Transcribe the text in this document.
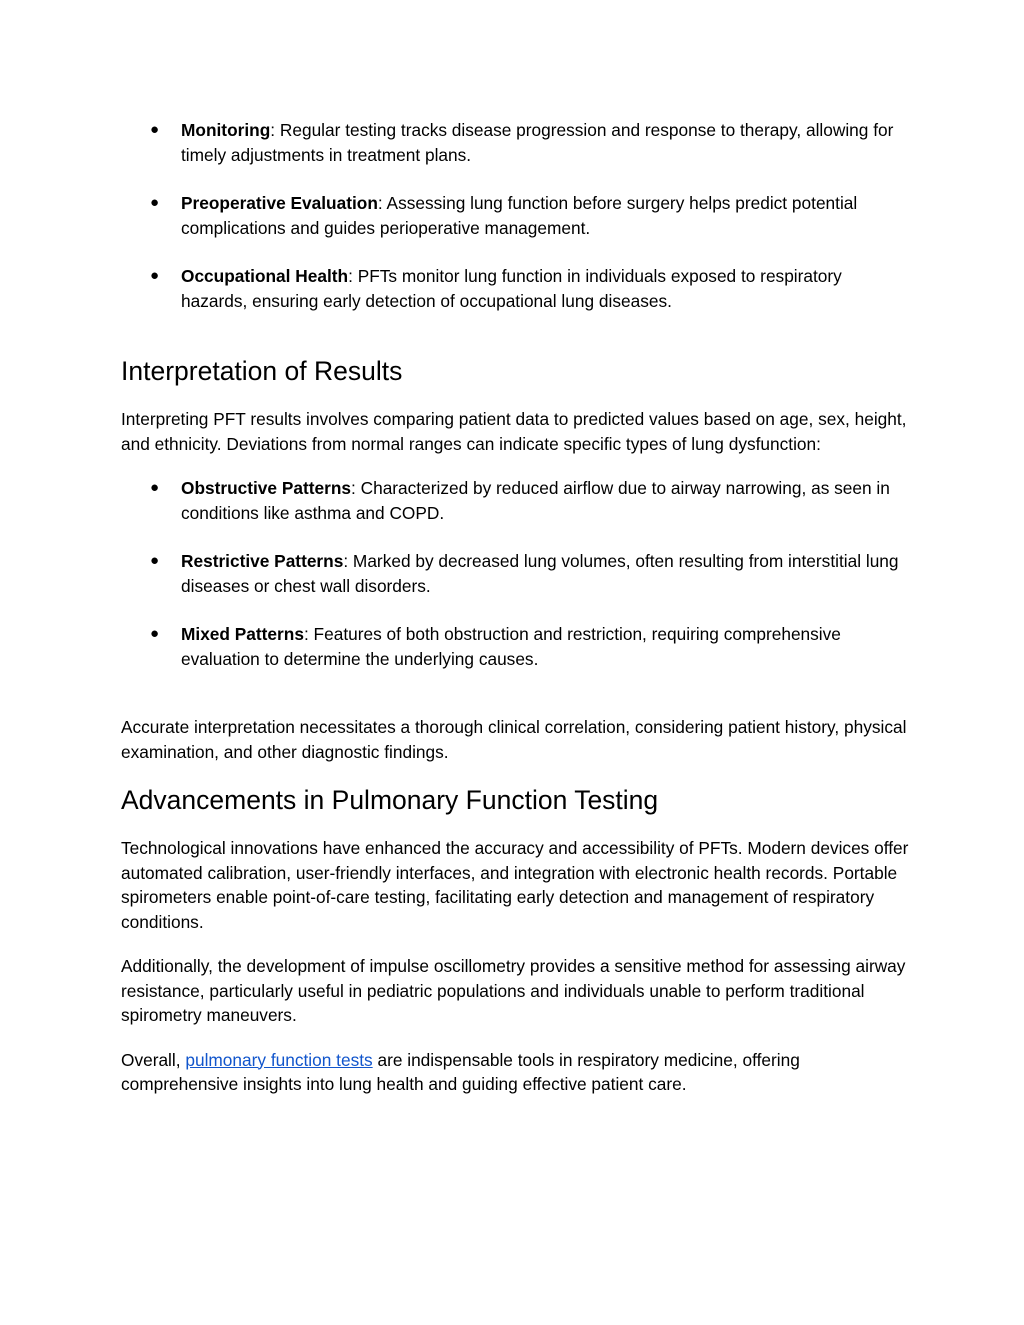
● Monitoring: Regular testing tracks disease progression and response to therapy, allowing for timely adjustments in treatment plans.
● Preoperative Evaluation: Assessing lung function before surgery helps predict potential complications and guides perioperative management.
● Occupational Health: PFTs monitor lung function in individuals exposed to respiratory hazards, ensuring early detection of occupational lung diseases.
Interpretation of Results

Interpreting PFT results involves comparing patient data to predicted values based on age, sex, height, and ethnicity. Deviations from normal ranges can indicate specific types of lung dysfunction:

● Obstructive Patterns: Characterized by reduced airflow due to airway narrowing, as seen in conditions like asthma and COPD.
● Restrictive Patterns: Marked by decreased lung volumes, often resulting from interstitial lung diseases or chest wall disorders.
● Mixed Patterns: Features of both obstruction and restriction, requiring comprehensive evaluation to determine the underlying causes.

Accurate interpretation necessitates a thorough clinical correlation, considering patient history, physical examination, and other diagnostic findings.

Advancements in Pulmonary Function Testing

Technological innovations have enhanced the accuracy and accessibility of PFTs. Modern devices offer automated calibration, user-friendly interfaces, and integration with electronic health records. Portable spirometers enable point-of-care testing, facilitating early detection and management of respiratory conditions.

Additionally, the development of impulse oscillometry provides a sensitive method for assessing airway resistance, particularly useful in pediatric populations and individuals unable to perform traditional spirometry maneuvers.

Overall, pulmonary function tests are indispensable tools in respiratory medicine, offering comprehensive insights into lung health and guiding effective patient care.
